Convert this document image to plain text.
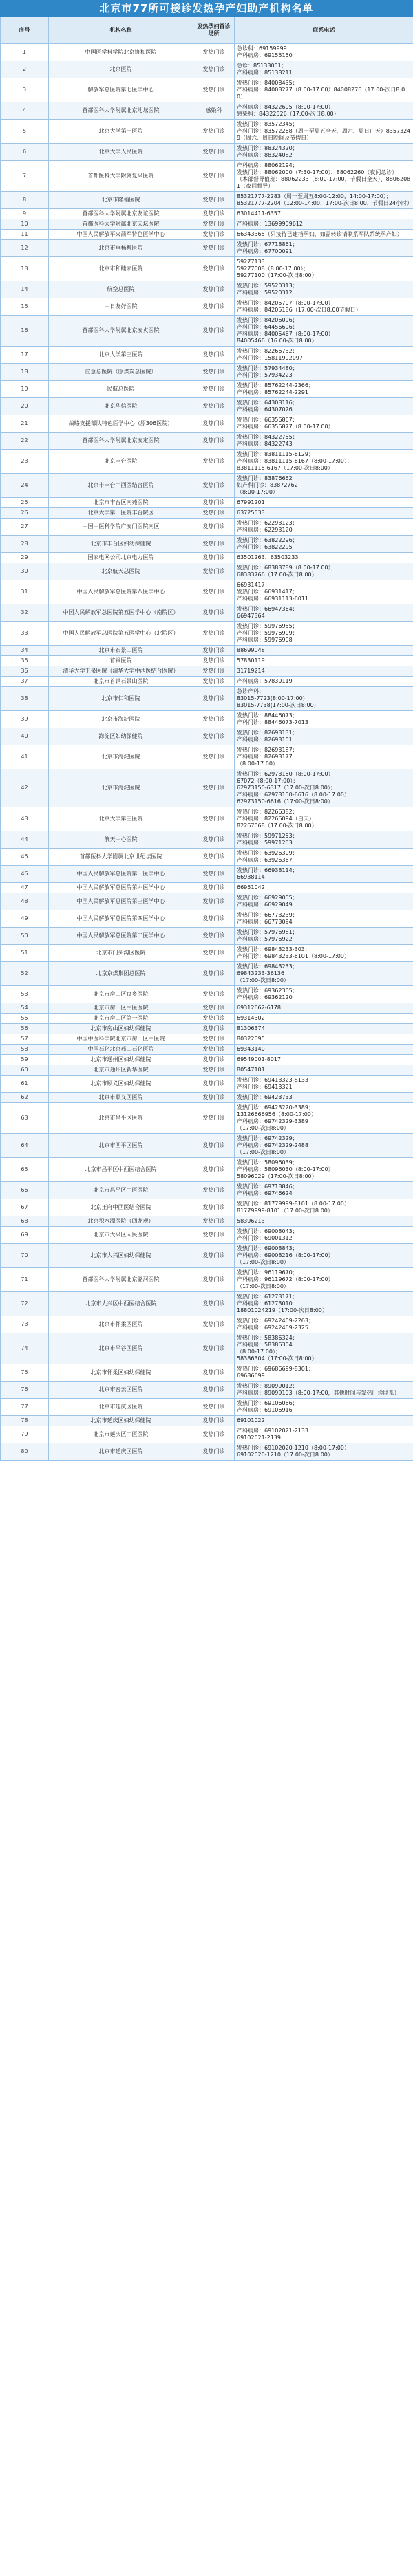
北京市77所可接诊发热孕产妇助产机构名单
序号	机构名称	发热孕妇首诊场所	联系电话
1	中国医学科学院北京协和医院	发热门诊	急诊科：69159999；
产科病房：69155150
2	北京医院	发热门诊	急诊：85133001；
产科病房：85138211
3	解放军总医院第七医学中心	发热门诊	发热门诊：84008435；
产科病房：84008277（8:00-17:00）84008276（17:00-次日8:00）
4	首都医科大学附属北京地坛医院	感染科	产科病房：84322605（8:00-17:00）；
感染科：84322526（17:00-次日8:00）
5	北京大学第一医院	发热门诊	发热门诊：83572345；
产科门诊：83572268（周一至周五全天，周六、周日白天）83573249（周六、周日晚间及节假日）
6	北京大学人民医院	发热门诊	发热门诊：88324320；
产科病房：88324082
7	首都医科大学附属复兴医院	发热门诊	产科病房：88062194；
发热门诊：88062000（7:30-17:00）、88062260（夜间急诊）
（本部督导值班：88062233（8:00-17:00，节假日全天）、88062081（夜间督导）
8	北京市隆福医院	发热门诊	85321777-2283（周一至周五8:00-12:00，14:00-17:00）；
85321777-2204（12:00-14:00，17:00-次日8:00，节假日24小时）
9	首都医科大学附属北京友谊医院	发热门诊	63014411-6357
10	首都医科大学附属北京天坛医院	发热门诊	产科病房：13699909612
11	中国人民解放军火箭军特色医学中心	发热门诊	66343365（只接待已建档孕妇，如需转诊请联系军队系统孕产妇）
12	北京市垂杨柳医院	发热门诊	发热门诊：67718861；
产科病房：67700091
13	北京市和睦家医院	发热门诊	59277133；
59277008（8:00-17:00）；
59277100（17:00-次日8:00）
14	航空总医院	发热门诊	发热门诊：59520313；
产科病房：59520312
15	中日友好医院	发热门诊	发热门诊：84205707（8:00-17:00）；
产科病房：84205186（17:00-次日8:00节假日）
16	首都医科大学附属北京安贞医院	发热门诊	发热门诊：84206096；
产科门诊：64456696；
产科病房：84005467（8:00-17:00）
84005466（16:00-次日8:00）
17	北京大学第三医院	发热门诊	发热门诊：82266732；
产科门诊：15811992097
18	应急总医院（原煤炭总医院）	发热门诊	发热门诊：57934480；
产科门诊：57934223
19	民航总医院	发热门诊	发热门诊：85762244-2366；
产科病房：85762244-2291
20	北京华信医院	发热门诊	发热门诊：64308116；
产科病房：64307026
21	战略支援部队特色医学中心（原306医院）	发热门诊	发热门诊：66356867；
产科病房：66356877（8:00-17:00）
22	首都医科大学附属北京安定医院	发热门诊	发热门诊：84322755；
产科病房：84322743
23	北京丰台医院	发热门诊	发热门诊：83811115-6129；
产科病房：83811115-6167（8:00-17:00）；
83811115-6167（17:00-次日8:00）
24	北京市丰台中西医结合医院	发热门诊	发热门诊：83876662
妇产科门诊：83872762
（8:00-17:00）
25	北京市丰台区南苑医院	发热门诊	67991201
26	北京大学第一医院丰台院区	发热门诊	63725533
27	中国中医科学院广安门医院南区	发热门诊	发热门诊：62293123；
产科病房：62293120
28	北京市丰台区妇幼保健院	发热门诊	发热门诊：63822296；
产科门诊：63822295
29	国家电网公司北京电力医院	发热门诊	63501263、63503233
30	北京航天总医院	发热门诊	发热门诊：68383789（8:00-17:00）；
68383766（17:00-次日8:00）
31	中国人民解放军总医院第八医学中心	发热门诊	66931417；
发热门诊：66931417；
产科病房：66931113-6011
32	中国人民解放军总医院第五医学中心（南院区）	发热门诊	发热门诊：66947364；
66947364
33	中国人民解放军总医院第五医学中心（北院区）	发热门诊	发热门诊：59976955；
产科门诊：59976909；
产科病房：59976908
34	北京市石景山医院	发热门诊	88699048
35	首钢医院	发热门诊	57830119
36	清华大学玉泉医院（清华大学中西医结合医院）	发热门诊	31719214
37	北京市首钢石景山医院	发热门诊	产科病房：57830119
38	北京市仁和医院	发热门诊	急诊产科：
83015-7723(8:00-17:00)
83015-7738(17:00-次日8:00)
39	北京市海淀医院	发热门诊	发热门诊：88446073；
产科门诊：88446073-7013
40	海淀区妇幼保健院	发热门诊	发热门诊：82693131；
产科病房：82693101
41	北京市海淀医院	发热门诊	发热门诊：82693187；
产科病房：82693177
（8:00-17:00）
42	北京市海淀医院	发热门诊	发热门诊：62973150（8:00-17:00）；
67072（8:00-17:00）；
62973150-6317（17:00-次日8:00）；
产科病房：62973150-6616（8:00-17:00）；
62973150-6616（17:00-次日8:00）
43	北京大学第三医院	发热门诊	发热门诊：82266382；
产科病房：82266094（白天）；
82267068（17:00-次日8:00）
44	航天中心医院	发热门诊	发热门诊：59971253；
产科病房：59971263
45	首都医科大学附属北京世纪坛医院	发热门诊	发热门诊：63926309；
产科病房：63926367
46	中国人民解放军总医院第一医学中心	发热门诊	发热门诊：66938114；
66938114
47	中国人民解放军总医院第六医学中心	发热门诊	66951042
48	中国人民解放军总医院第三医学中心	发热门诊	发热门诊：66929055；
产科病房：66929049
49	中国人民解放军总医院第四医学中心	发热门诊	发热门诊：66773239；
产科病房：66773094
50	中国人民解放军总医院第二医学中心	发热门诊	发热门诊：57976981；
产科病房：57976922
51	北京市门头沟区医院	发热门诊	发热门诊：69843233-303；
产科门诊：69843233-6101（8:00-17:00）
52	北京京煤集团总医院	发热门诊	发热门诊：69843233；
69843233-36136
（17:00-次日8:00）
53	北京市房山区良乡医院	发热门诊	发热门诊：69362305；
产科病房：69362120
54	北京市房山区中医医院	发热门诊	69312662-6178
55	北京市房山区第一医院	发热门诊	69314302
56	北京市房山区妇幼保健院	发热门诊	81306374
57	中国中医科学院北京市房山区中医院	发热门诊	80322095
58	中国石化北京燕山石化医院	发热门诊	69343140
59	北京市通州区妇幼保健院	发热门诊	69549001-8017
60	北京市通州区新华医院	发热门诊	80547101
61	北京市顺义区妇幼保健院	发热门诊	发热门诊：69413323-8133
产科门诊：69413321
62	北京市顺义区医院	发热门诊	发热门诊：69423733
63	北京市昌平区医院	发热门诊	发热门诊：69423220-3389；
13126666956（8:00-17:00）
产科病房：69742329-3389
（17:00-次日8:00）
64	北京市西平区医院	发热门诊	发热门诊：69742329；
产科病房：69742329-2488
（17:00-次日8:00）
65	北京市昌平区中西医结合医院	发热门诊	发热门诊：58096039；
产科病房：58096030（8:00-17:00）
58096029（17:00-次日8:00）
66	北京市昌平区中医医院	发热门诊	发热门诊：69718846；
产科病房：69746624
67	北京王府中西医结合医院	发热门诊	发热门诊：81779999-8101（8:00-17:00）；
81779999-8101（17:00-次日8:00）
68	北京积水潭医院（回龙观）	发热门诊	58396213
69	北京市大兴区人民医院	发热门诊	发热门诊：69008043；
产科门诊：69001312
70	北京市大兴区妇幼保健院	发热门诊	发热门诊：69008843；
产科病房：69008216（8:00-17:00）；
（17:00-次日8:00）
71	首都医科大学附属北京潞河医院	发热门诊	发热门诊：96119670；
产科病房：96119672（8:00-17:00）
（17:00-次日8:00）
72	北京市大兴区中西医结合医院	发热门诊	发热门诊：61273171；
产科病房：61273010
18801024219（17:00-次日8:00）
73	北京市怀柔区医院	发热门诊	发热门诊：69242409-2263；
产科病房：69242469-2325
74	北京市平谷区医院	发热门诊	发热门诊：58386324；
产科病房：58386304
（8:00-17:00）；
58386304（17:00-次日8:00）
75	北京市怀柔区妇幼保健院	发热门诊	发热门诊：69686699-8301；
69686699
76	北京市密云区医院	发热门诊	发热门诊：89099012；
产科病房：89099103（8:00-17:00，其他时间与发热门诊联系）
77	北京市延庆区医院	发热门诊	发热门诊：69106066；
产科病房：69106916
78	北京市延庆区妇幼保健院	发热门诊	69101022
79	北京市延庆区中医医院	发热门诊	产科病房：69102021-2133
69102021-2139
80	北京市延庆区医院	发热门诊	发热门诊：69102020-1210（8:00-17:00）
69102020-1210（17:00-次日8:00）
